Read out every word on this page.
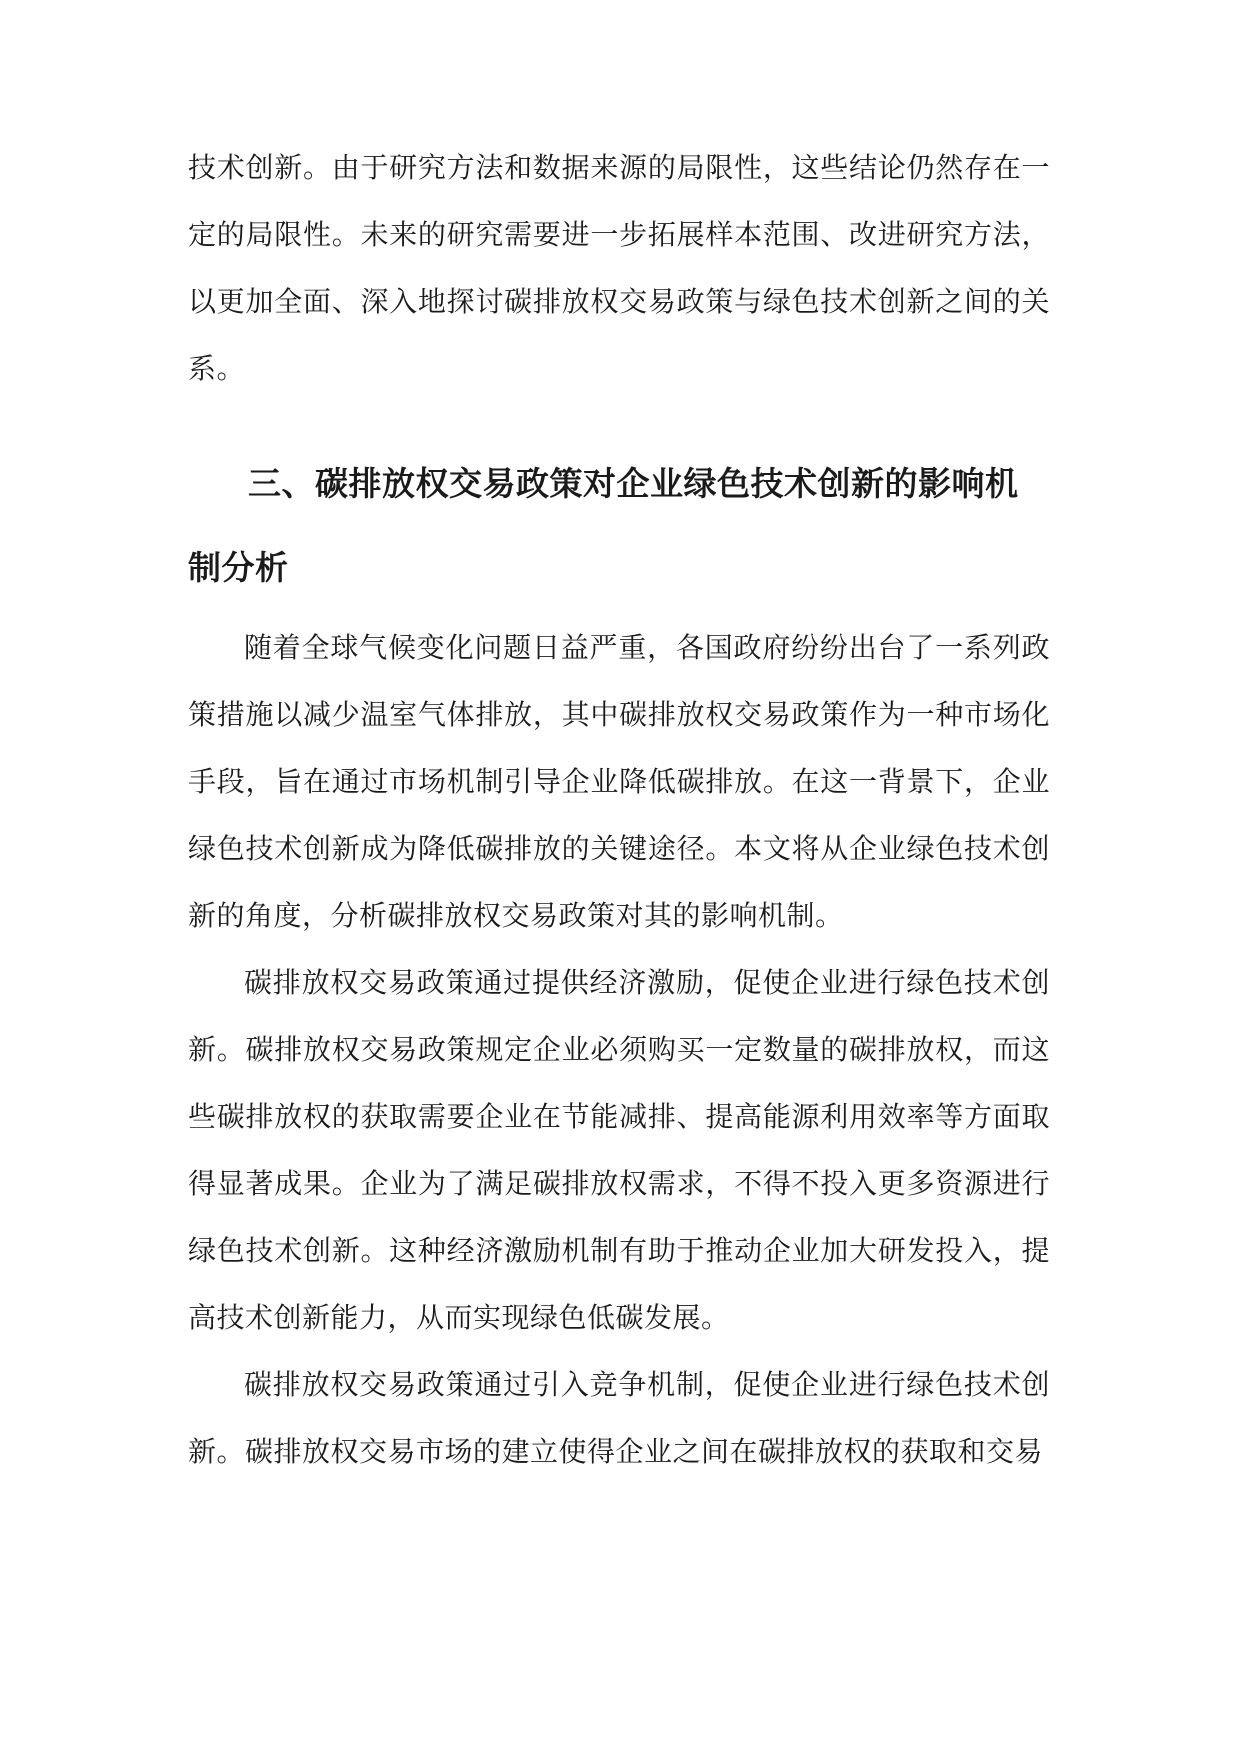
技术创新。由于研究方法和数据来源的局限性，这些结论仍然存在一定的局限性。未来的研究需要进一步拓展样本范围、改进研究方法，以更加全面、深入地探讨碳排放权交易政策与绿色技术创新之间的关系。

三、碳排放权交易政策对企业绿色技术创新的影响机制分析

随着全球气候变化问题日益严重，各国政府纷纷出台了一系列政策措施以减少温室气体排放，其中碳排放权交易政策作为一种市场化手段，旨在通过市场机制引导企业降低碳排放。在这一背景下，企业绿色技术创新成为降低碳排放的关键途径。本文将从企业绿色技术创新的角度，分析碳排放权交易政策对其的影响机制。

碳排放权交易政策通过提供经济激励，促使企业进行绿色技术创新。碳排放权交易政策规定企业必须购买一定数量的碳排放权，而这些碳排放权的获取需要企业在节能减排、提高能源利用效率等方面取得显著成果。企业为了满足碳排放权需求，不得不投入更多资源进行绿色技术创新。这种经济激励机制有助于推动企业加大研发投入，提高技术创新能力，从而实现绿色低碳发展。

碳排放权交易政策通过引入竞争机制，促使企业进行绿色技术创新。碳排放权交易市场的建立使得企业之间在碳排放权的获取和交易
